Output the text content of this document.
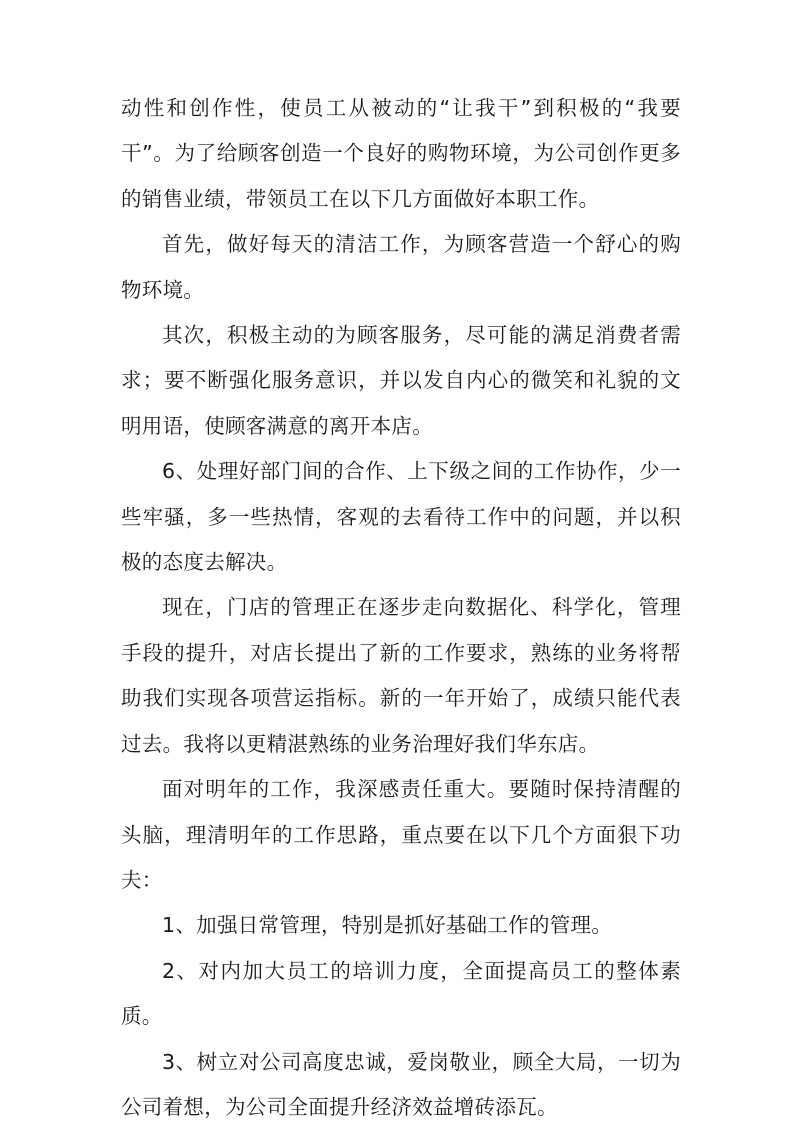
动性和创作性，使员工从被动的“让我干”到积极的“我要干”。为了给顾客创造一个良好的购物环境，为公司创作更多的销售业绩，带领员工在以下几方面做好本职工作。

首先，做好每天的清洁工作，为顾客营造一个舒心的购物环境。

其次，积极主动的为顾客服务，尽可能的满足消费者需求；要不断强化服务意识，并以发自内心的微笑和礼貌的文明用语，使顾客满意的离开本店。

6、处理好部门间的合作、上下级之间的工作协作，少一些牢骚，多一些热情，客观的去看待工作中的问题，并以积极的态度去解决。

现在，门店的管理正在逐步走向数据化、科学化，管理手段的提升，对店长提出了新的工作要求，熟练的业务将帮助我们实现各项营运指标。新的一年开始了，成绩只能代表过去。我将以更精湛熟练的业务治理好我们华东店。

面对明年的工作，我深感责任重大。要随时保持清醒的头脑，理清明年的工作思路，重点要在以下几个方面狠下功夫：

1、加强日常管理，特别是抓好基础工作的管理。

2、对内加大员工的培训力度，全面提高员工的整体素质。

3、树立对公司高度忠诚，爱岗敬业，顾全大局，一切为公司着想，为公司全面提升经济效益增砖添瓦。
